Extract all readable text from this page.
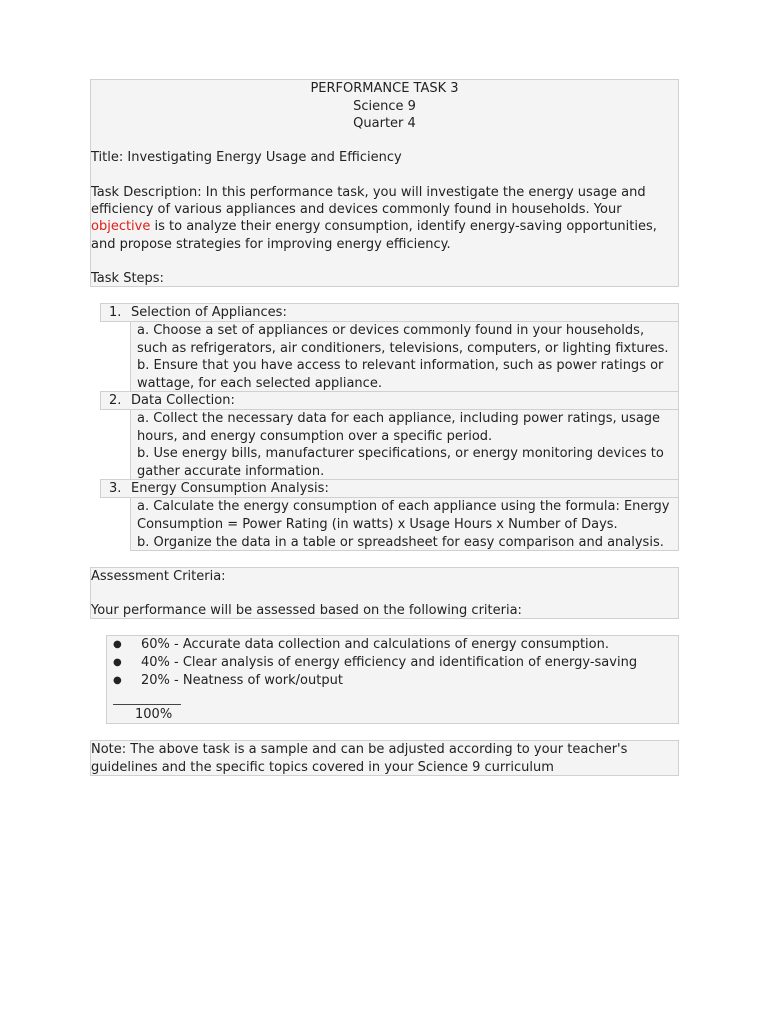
PERFORMANCE TASK 3
Science 9
Quarter 4
Title: Investigating Energy Usage and Efficiency
Task Description: In this performance task, you will investigate the energy usage and
efficiency of various appliances and devices commonly found in households. Your
objective is to analyze their energy consumption, identify energy-saving opportunities,
and propose strategies for improving energy efficiency.
Task Steps:
1. Selection of Appliances:
a. Choose a set of appliances or devices commonly found in your households,
such as refrigerators, air conditioners, televisions, computers, or lighting fixtures.
b. Ensure that you have access to relevant information, such as power ratings or
wattage, for each selected appliance.
2. Data Collection:
a. Collect the necessary data for each appliance, including power ratings, usage
hours, and energy consumption over a specific period.
b. Use energy bills, manufacturer specifications, or energy monitoring devices to
gather accurate information.
3. Energy Consumption Analysis:
a. Calculate the energy consumption of each appliance using the formula: Energy
Consumption = Power Rating (in watts) x Usage Hours x Number of Days.
b. Organize the data in a table or spreadsheet for easy comparison and analysis.
Assessment Criteria:
Your performance will be assessed based on the following criteria:
● 60% - Accurate data collection and calculations of energy consumption.
● 40% - Clear analysis of energy efficiency and identification of energy-saving
● 20% - Neatness of work/output
100%
Note: The above task is a sample and can be adjusted according to your teacher's
guidelines and the specific topics covered in your Science 9 curriculum
